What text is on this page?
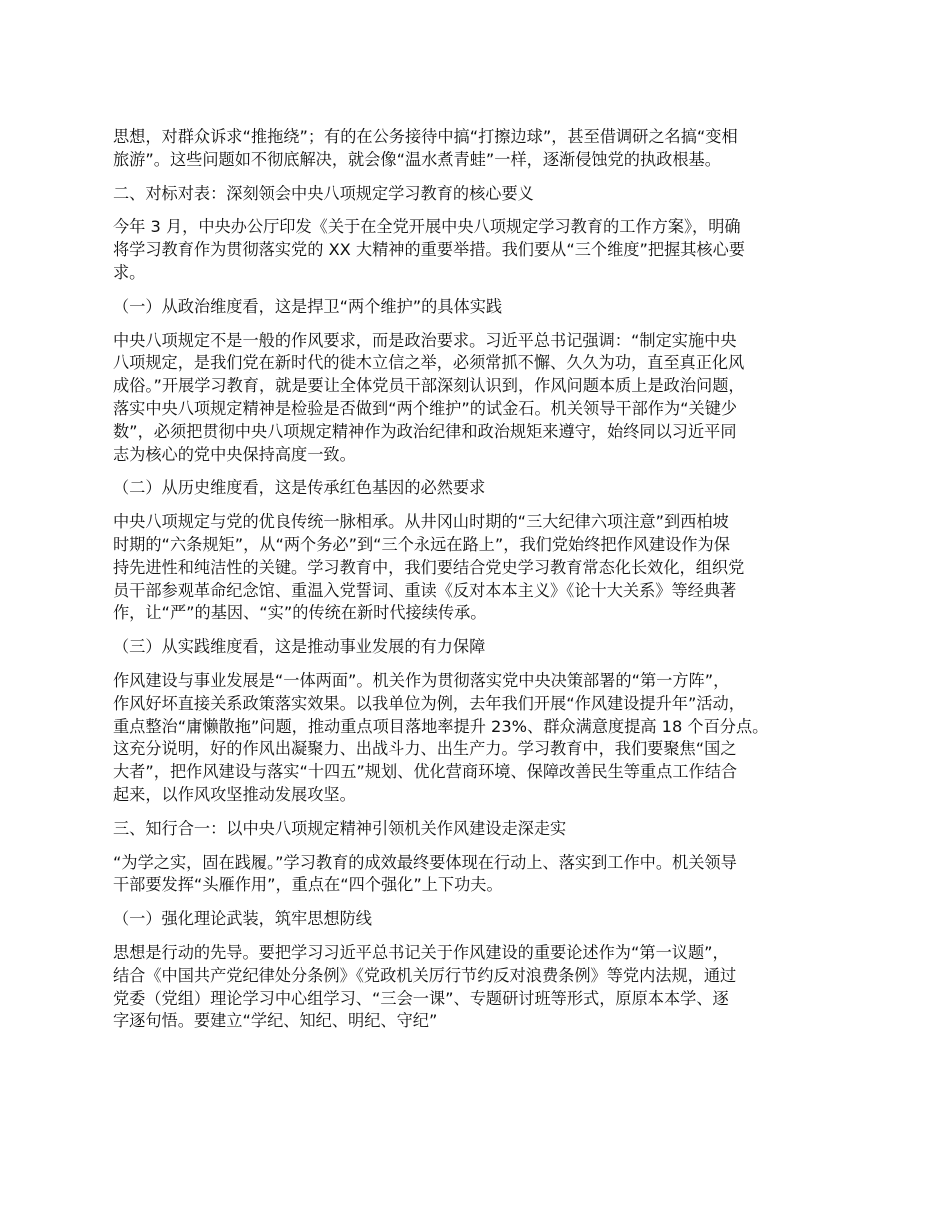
思想，对群众诉求“推拖绕”；有的在公务接待中搞“打擦边球”，甚至借调研之名搞“变相
旅游”。这些问题如不彻底解决，就会像“温水煮青蛙”一样，逐渐侵蚀党的执政根基。
二、对标对表：深刻领会中央八项规定学习教育的核心要义
今年 3 月，中央办公厅印发《关于在全党开展中央八项规定学习教育的工作方案》，明确
将学习教育作为贯彻落实党的 XX 大精神的重要举措。我们要从“三个维度”把握其核心要
求。
（一）从政治维度看，这是捍卫“两个维护”的具体实践
中央八项规定不是一般的作风要求，而是政治要求。习近平总书记强调：“制定实施中央
八项规定，是我们党在新时代的徙木立信之举，必须常抓不懈、久久为功，直至真正化风
成俗。”开展学习教育，就是要让全体党员干部深刻认识到，作风问题本质上是政治问题，
落实中央八项规定精神是检验是否做到“两个维护”的试金石。机关领导干部作为“关键少
数”，必须把贯彻中央八项规定精神作为政治纪律和政治规矩来遵守，始终同以习近平同
志为核心的党中央保持高度一致。
（二）从历史维度看，这是传承红色基因的必然要求
中央八项规定与党的优良传统一脉相承。从井冈山时期的“三大纪律六项注意”到西柏坡
时期的“六条规矩”，从“两个务必”到“三个永远在路上”，我们党始终把作风建设作为保
持先进性和纯洁性的关键。学习教育中，我们要结合党史学习教育常态化长效化，组织党
员干部参观革命纪念馆、重温入党誓词、重读《反对本本主义》《论十大关系》等经典著
作，让“严”的基因、“实”的传统在新时代接续传承。
（三）从实践维度看，这是推动事业发展的有力保障
作风建设与事业发展是“一体两面”。机关作为贯彻落实党中央决策部署的“第一方阵”，
作风好坏直接关系政策落实效果。以我单位为例，去年我们开展“作风建设提升年”活动，
重点整治“庸懒散拖”问题，推动重点项目落地率提升 23%、群众满意度提高 18 个百分点。
这充分说明，好的作风出凝聚力、出战斗力、出生产力。学习教育中，我们要聚焦“国之
大者”，把作风建设与落实“十四五”规划、优化营商环境、保障改善民生等重点工作结合
起来，以作风攻坚推动发展攻坚。
三、知行合一：以中央八项规定精神引领机关作风建设走深走实
“为学之实，固在践履。”学习教育的成效最终要体现在行动上、落实到工作中。机关领导
干部要发挥“头雁作用”，重点在“四个强化”上下功夫。
（一）强化理论武装，筑牢思想防线
思想是行动的先导。要把学习习近平总书记关于作风建设的重要论述作为“第一议题”，
结合《中国共产党纪律处分条例》《党政机关厉行节约反对浪费条例》等党内法规，通过
党委（党组）理论学习中心组学习、“三会一课”、专题研讨班等形式，原原本本学、逐
字逐句悟。要建立“学纪、知纪、明纪、守纪”
